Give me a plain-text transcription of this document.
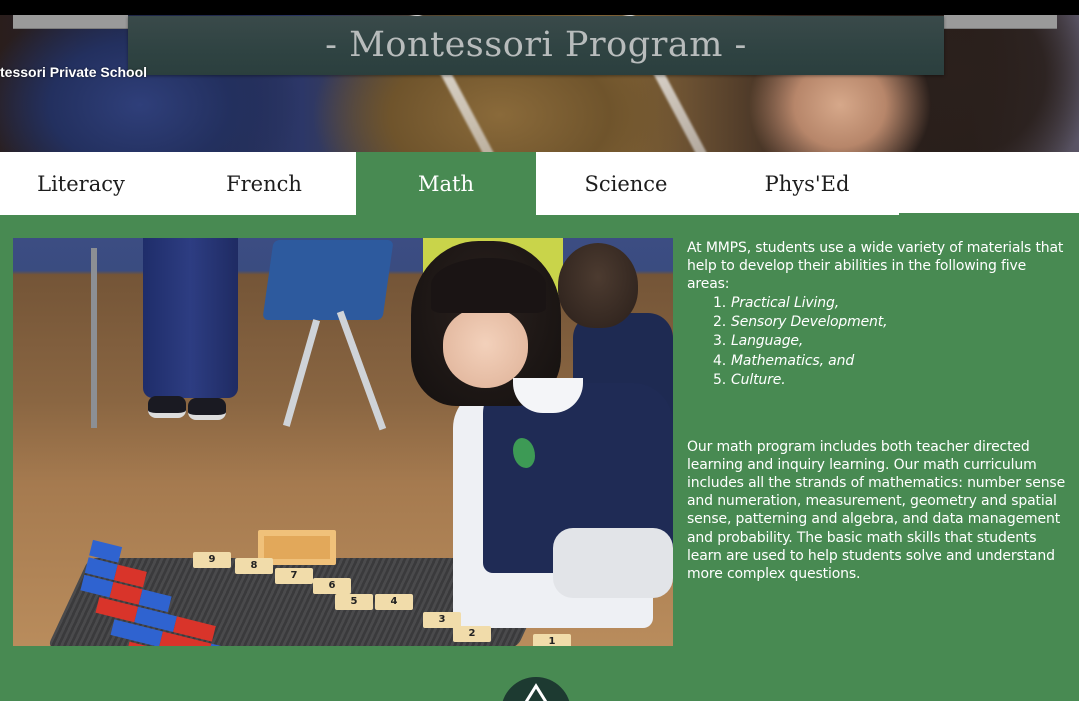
- Montessori Program -
tessori Private School
Literacy	French	Math	Science	Phys'Ed
9
8
7
6
5	4
3
2
1

At MMPS, students use a wide variety of materials that help to develop their abilities in the following five areas:

1. Practical Living,
2. Sensory Development,
3. Language,
4. Mathematics, and
5. Culture.

Our math program includes both teacher directed learning and inquiry learning. Our math curriculum includes all the strands of mathematics: number sense and numeration, measurement, geometry and spatial sense, patterning and algebra, and data management and probability. The basic math skills that students learn are used to help students solve and understand more complex questions.
